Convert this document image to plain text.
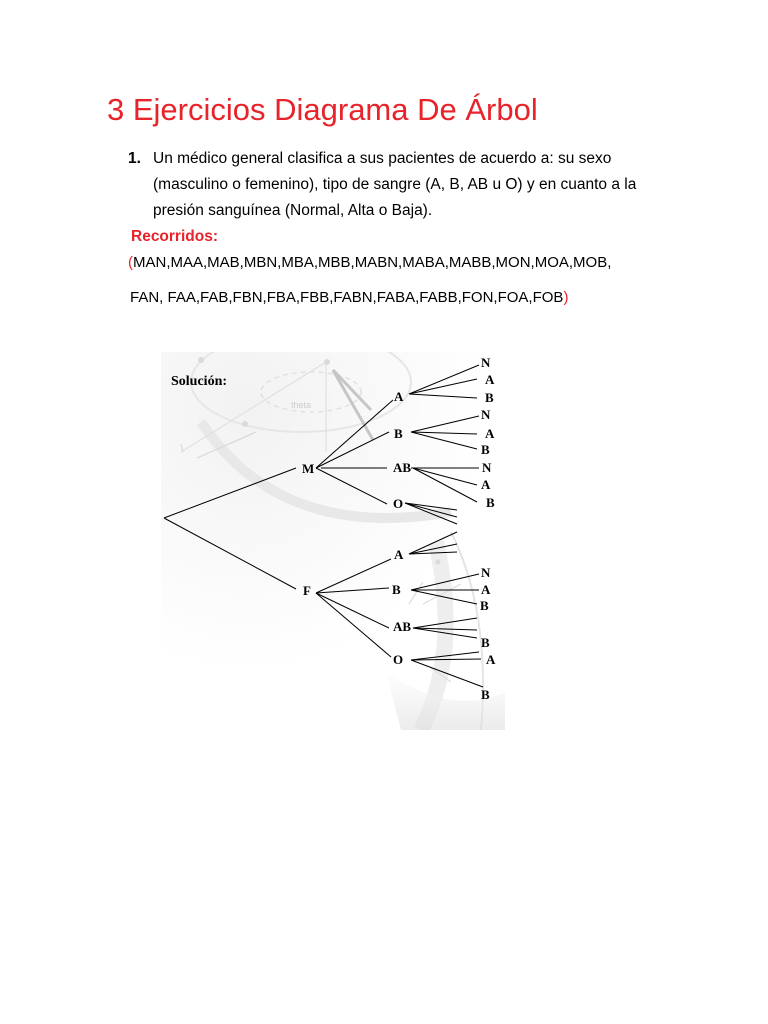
3 Ejercicios Diagrama De Árbol
1. Un médico general clasifica a sus pacientes de acuerdo a: su sexo (masculino o femenino), tipo de sangre (A, B, AB u O) y en cuanto a la presión sanguínea (Normal, Alta o Baja).
Recorridos:
(MAN,MAA,MAB,MBN,MBA,MBB,MABN,MABA,MABB,MON,MOA,MOB,
FAN, FAA,FAB,FBN,FBA,FBB,FABN,FABA,FABB,FON,FOA,FOB)
theta
Solución:
M
F
A
B
AB
O
A
B
AB
O
N
A
B
N
A
B
N
A
B
N
A
B
B
A
B
